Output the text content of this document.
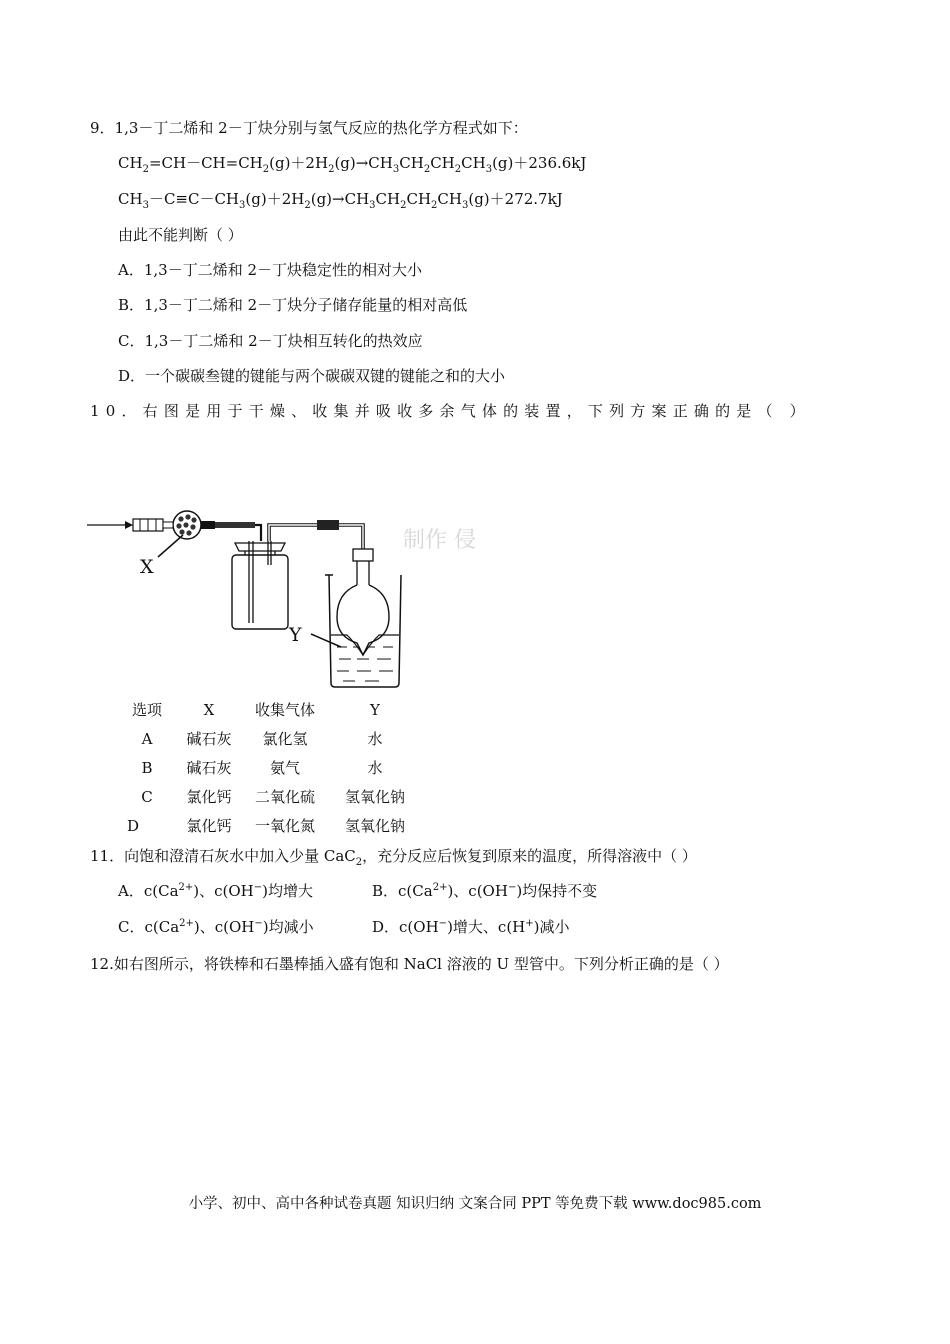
9．1,3－丁二烯和 2－丁炔分别与氢气反应的热化学方程式如下：
$CH_2=CH-CH=CH_2(g)+2H_2(g)\to CH_3CH_2CH_2CH_3(g)+236.6kJ$
$CH_3-C\equiv C-CH_3(g)+2H_2(g)\to CH_3CH_2CH_2CH_3(g)+272.7kJ$
由此不能判断（ ）
A．1,3－丁二烯和 2－丁炔稳定性的相对大小
B．1,3－丁二烯和 2－丁炔分子储存能量的相对高低
C．1,3－丁二烯和 2－丁炔相互转化的热效应
D．一个碳碳叁键的键能与两个碳碳双键的键能之和的大小
10．右图是用于干燥、收集并吸收多余气体的装置，下列方案正确的是（ ）
制作 侵
X
Y
选项	X	收集气体	Y
A	碱石灰	氯化氢	水
B	碱石灰	氨气	水
C	氯化钙	二氧化硫	氢氧化钠
D	氯化钙	一氧化氮	氢氧化钠
11．向饱和澄清石灰水中加入少量 CaC$_2$，充分反应后恢复到原来的温度，所得溶液中（ ）
A．$c(Ca^{2+})$、c(OH−)均增大	B．$c(Ca^{2+})$、c(OH−)均保持不变
C．$c(Ca^{2+})$、c(OH−)均减小	D．c(OH−)增大、c(H+)减小
12.如右图所示，将铁棒和石墨棒插入盛有饱和 NaCl 溶液的 U 型管中。下列分析正确的是（ ）
小学、初中、高中各种试卷真题 知识归纳 文案合同 PPT 等免费下载 www.doc985.com
